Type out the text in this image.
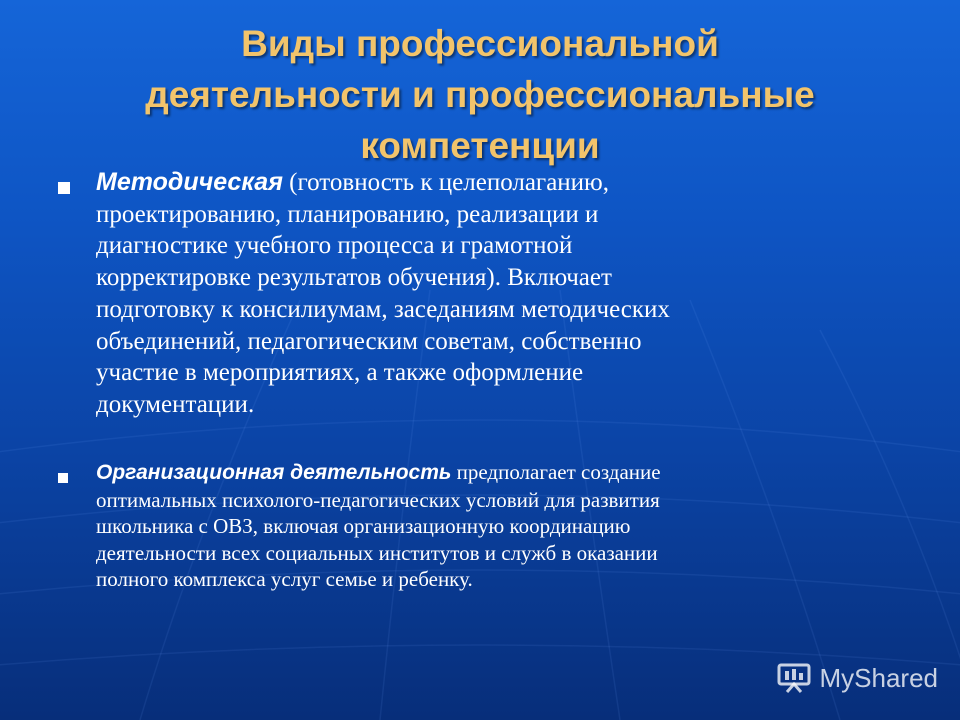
Виды профессиональной
деятельности и профессиональные
компетенции

Методическая (готовность к целеполаганию,
проектированию, планированию, реализации и
диагностике учебного процесса и грамотной
корректировке результатов обучения). Включает
подготовку к консилиумам, заседаниям методических
объединений, педагогическим советам, собственно
участие в мероприятиях, а также оформление
документации.

Организационная деятельность предполагает создание
оптимальных психолого-педагогических условий для развития
школьника с ОВЗ, включая организационную координацию
деятельности всех социальных институтов и служб в оказании
полного комплекса услуг семье и ребенку.

MyShared
